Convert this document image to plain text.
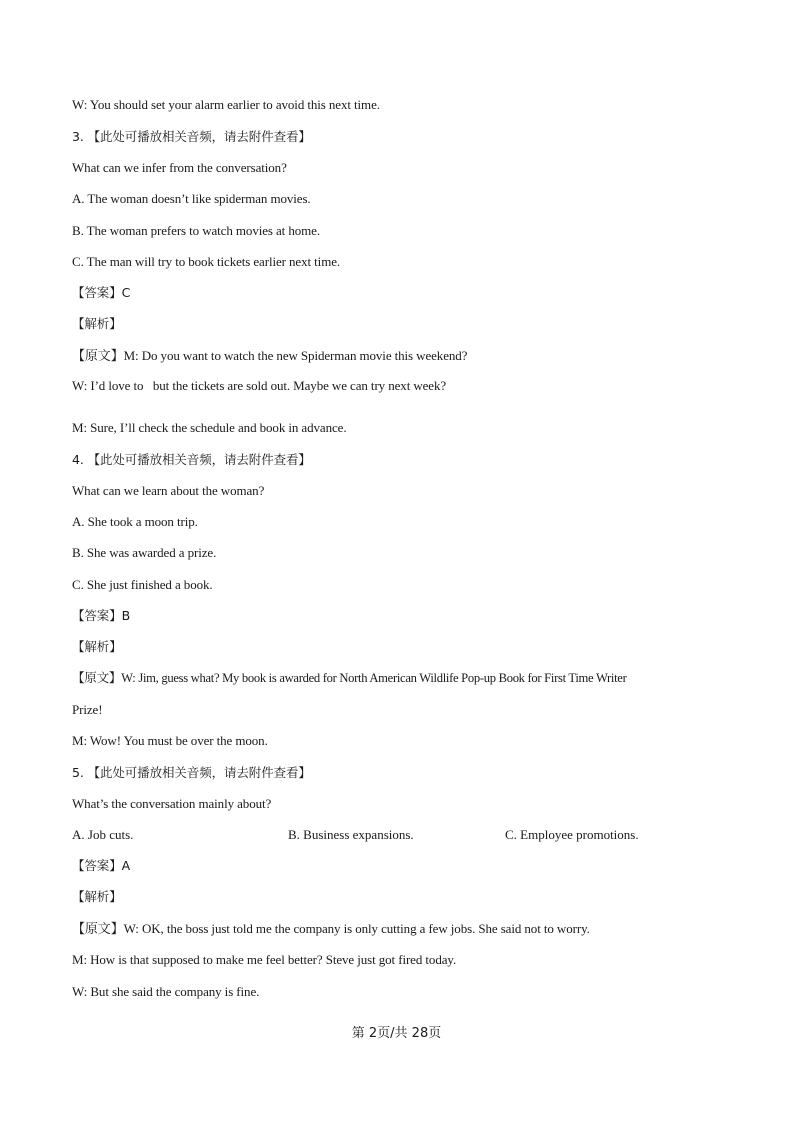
W: You should set your alarm earlier to avoid this next time.
3. 【此处可播放相关音频，请去附件查看】
What can we infer from the conversation?
A. The woman doesn’t like spiderman movies.
B. The woman prefers to watch movies at home.
C. The man will try to book tickets earlier next time.
【答案】C
【解析】
【原文】M: Do you want to watch the new Spiderman movie this weekend?
W: I’d love to   but the tickets are sold out. Maybe we can try next week?
M: Sure, I’ll check the schedule and book in advance.
4. 【此处可播放相关音频，请去附件查看】
What can we learn about the woman?
A. She took a moon trip.
B. She was awarded a prize.
C. She just finished a book.
【答案】B
【解析】
【原文】W: Jim, guess what? My book is awarded for North American Wildlife Pop-up Book for First Time Writer
Prize!
M: Wow! You must be over the moon.
5. 【此处可播放相关音频，请去附件查看】
What’s the conversation mainly about?
A. Job cuts.	B. Business expansions.	C. Employee promotions.
【答案】A
【解析】
【原文】W: OK, the boss just told me the company is only cutting a few jobs. She said not to worry.
M: How is that supposed to make me feel better? Steve just got fired today.
W: But she said the company is fine.
第 2页/共 28页
